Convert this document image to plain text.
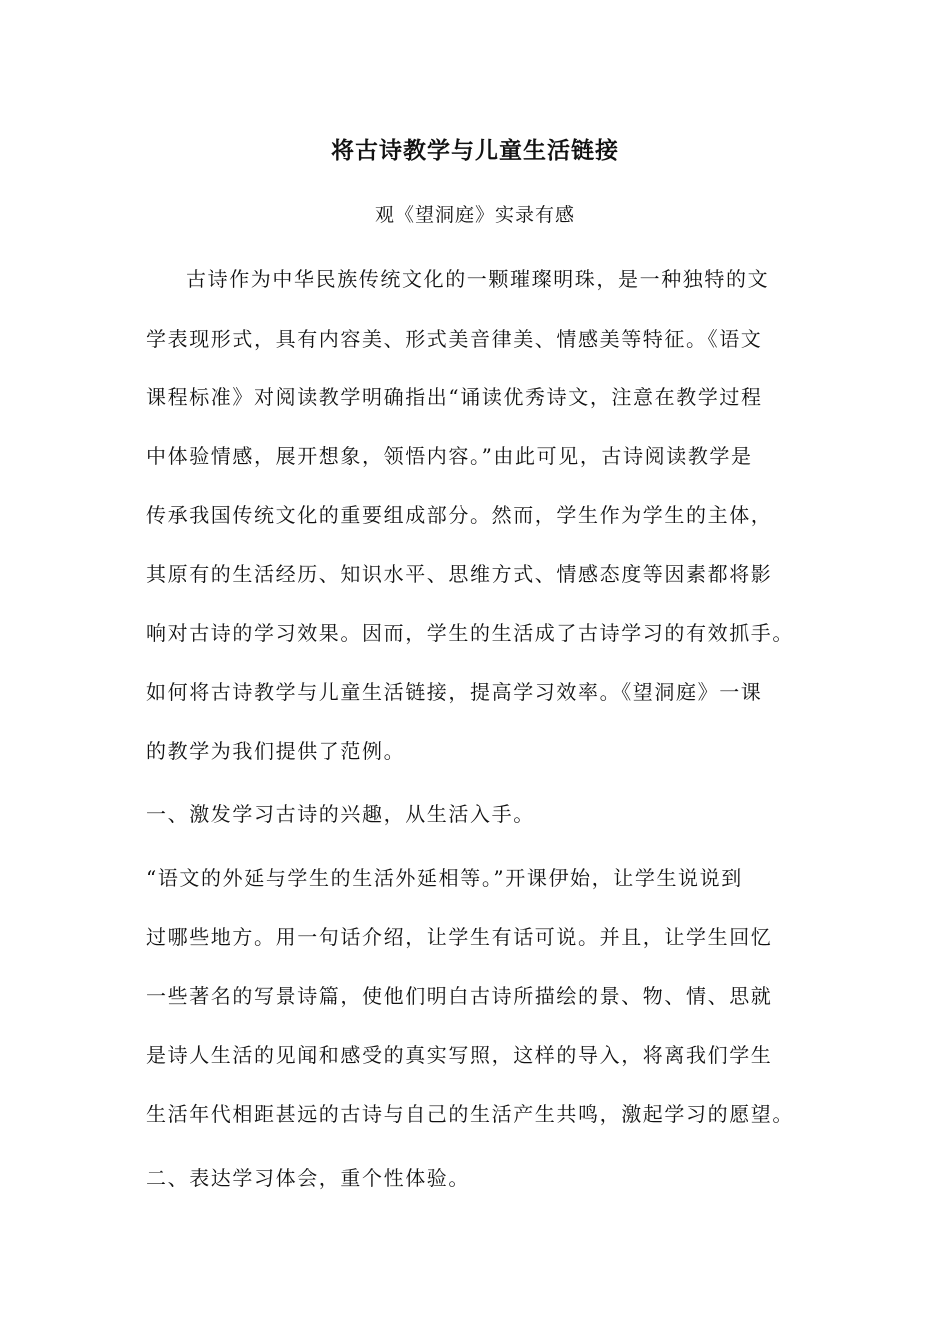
将古诗教学与儿童生活链接
观《望洞庭》实录有感
古诗作为中华民族传统文化的一颗璀璨明珠，是一种独特的文
学表现形式，具有内容美、形式美音律美、情感美等特征。《语文
课程标准》对阅读教学明确指出“诵读优秀诗文，注意在教学过程
中体验情感，展开想象，领悟内容。”由此可见，古诗阅读教学是
传承我国传统文化的重要组成部分。然而，学生作为学生的主体，
其原有的生活经历、知识水平、思维方式、情感态度等因素都将影
响对古诗的学习效果。因而，学生的生活成了古诗学习的有效抓手。
如何将古诗教学与儿童生活链接，提高学习效率。《望洞庭》一课
的教学为我们提供了范例。
一、激发学习古诗的兴趣，从生活入手。
“语文的外延与学生的生活外延相等。”开课伊始，让学生说说到
过哪些地方。用一句话介绍，让学生有话可说。并且，让学生回忆
一些著名的写景诗篇，使他们明白古诗所描绘的景、物、情、思就
是诗人生活的见闻和感受的真实写照，这样的导入，将离我们学生
生活年代相距甚远的古诗与自己的生活产生共鸣，激起学习的愿望。
二、表达学习体会，重个性体验。
